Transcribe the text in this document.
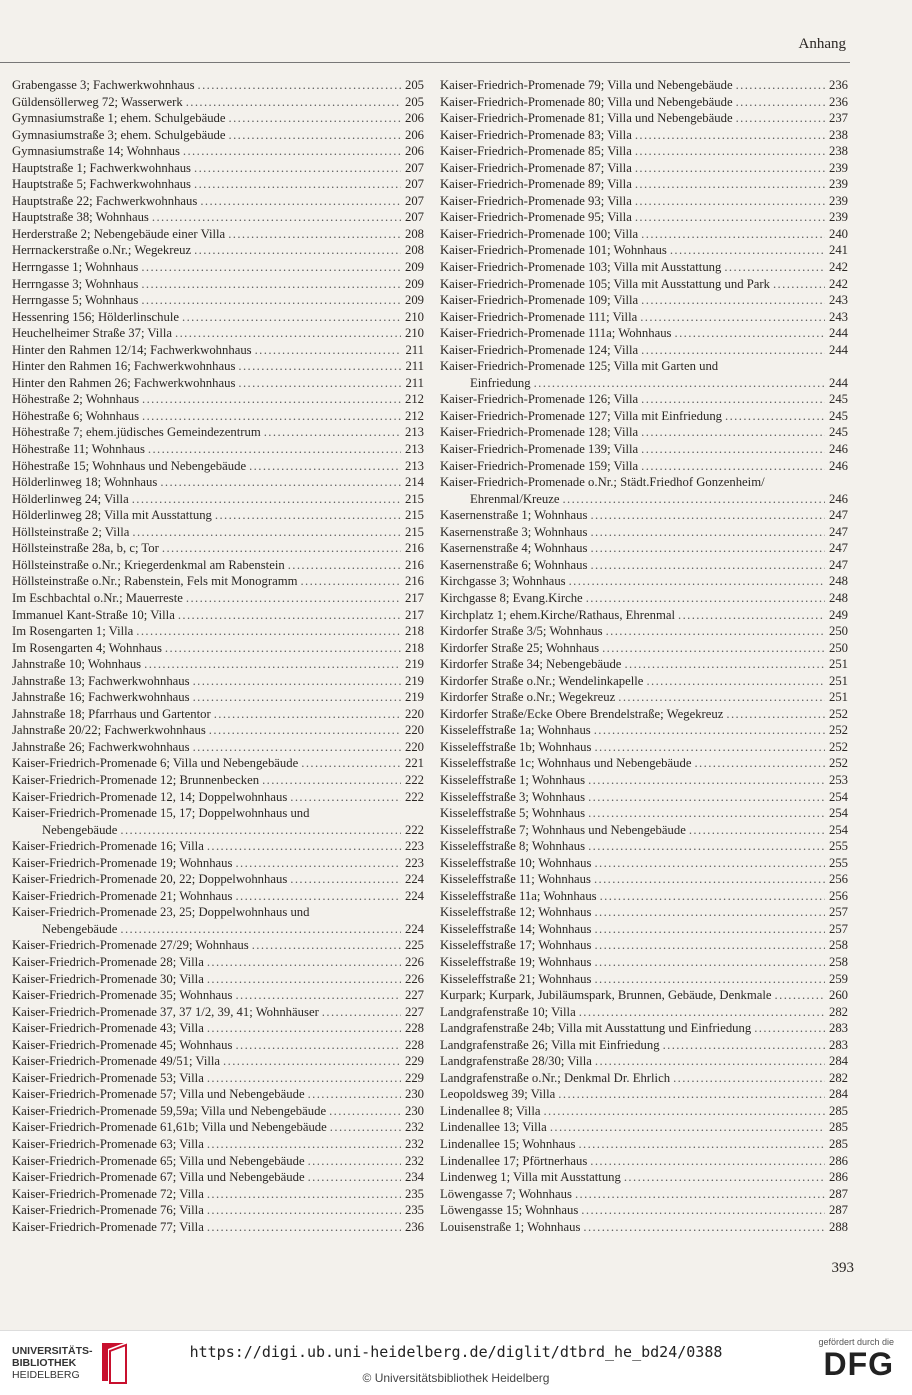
Anhang
Grabengasse 3; Fachwerkwohnhaus .....	205
Güldensöllerweg 72; Wasserwerk .....	205
Gymnasiumstraße 1; ehem. Schulgebäude .....	206
Gymnasiumstraße 3; ehem. Schulgebäude .....	206
Gymnasiumstraße 14; Wohnhaus .....	206
Hauptstraße 1; Fachwerkwohnhaus .....	207
Hauptstraße 5; Fachwerkwohnhaus .....	207
Hauptstraße 22; Fachwerkwohnhaus .....	207
Hauptstraße 38; Wohnhaus .....	207
Herderstraße 2; Nebengebäude einer Villa .....	208
Herrnackerstraße o.Nr.; Wegekreuz .....	208
Herrngasse 1; Wohnhaus .....	209
Herrngasse 3; Wohnhaus .....	209
Herrngasse 5; Wohnhaus .....	209
Hessenring 156; Hölderlinschule .....	210
Heuchelheimer Straße 37; Villa .....	210
Hinter den Rahmen 12/14; Fachwerkwohnhaus .....	211
Hinter den Rahmen 16; Fachwerkwohnhaus .....	211
Hinter den Rahmen 26; Fachwerkwohnhaus .....	211
Höhestraße 2; Wohnhaus .....	212
Höhestraße 6; Wohnhaus .....	212
Höhestraße 7; ehem.jüdisches Gemeindezentrum .....	213
Höhestraße 11; Wohnhaus .....	213
Höhestraße 15; Wohnhaus und Nebengebäude .....	213
Hölderlinweg 18; Wohnhaus .....	214
Hölderlinweg 24; Villa .....	215
Hölderlinweg 28; Villa mit Ausstattung .....	215
Höllsteinstraße 2; Villa .....	215
Höllsteinstraße 28a, b, c; Tor .....	216
Höllsteinstraße o.Nr.; Kriegerdenkmal am Rabenstein .....	216
Höllsteinstraße o.Nr.; Rabenstein, Fels mit Monogramm .....	216
Im Eschbachtal o.Nr.; Mauerreste .....	217
Immanuel Kant-Straße 10; Villa .....	217
Im Rosengarten 1; Villa .....	218
Im Rosengarten 4; Wohnhaus .....	218
Jahnstraße 10; Wohnhaus .....	219
Jahnstraße 13; Fachwerkwohnhaus .....	219
Jahnstraße 16; Fachwerkwohnhaus .....	219
Jahnstraße 18; Pfarrhaus und Gartentor .....	220
Jahnstraße 20/22; Fachwerkwohnhaus .....	220
Jahnstraße 26; Fachwerkwohnhaus .....	220
Kaiser-Friedrich-Promenade 6; Villa und Nebengebäude .....	221
Kaiser-Friedrich-Promenade 12; Brunnenbecken .....	222
Kaiser-Friedrich-Promenade 12, 14; Doppelwohnhaus .....	222
Kaiser-Friedrich-Promenade 15, 17; Doppelwohnhaus und
Nebengebäude .....	222
Kaiser-Friedrich-Promenade 16; Villa .....	223
Kaiser-Friedrich-Promenade 19; Wohnhaus .....	223
Kaiser-Friedrich-Promenade 20, 22; Doppelwohnhaus .....	224
Kaiser-Friedrich-Promenade 21; Wohnhaus .....	224
Kaiser-Friedrich-Promenade 23, 25; Doppelwohnhaus und
Nebengebäude .....	224
Kaiser-Friedrich-Promenade 27/29; Wohnhaus .....	225
Kaiser-Friedrich-Promenade 28; Villa .....	226
Kaiser-Friedrich-Promenade 30; Villa .....	226
Kaiser-Friedrich-Promenade 35; Wohnhaus .....	227
Kaiser-Friedrich-Promenade 37, 37 1/2, 39, 41; Wohnhäuser .....	227
Kaiser-Friedrich-Promenade 43; Villa .....	228
Kaiser-Friedrich-Promenade 45; Wohnhaus .....	228
Kaiser-Friedrich-Promenade 49/51; Villa .....	229
Kaiser-Friedrich-Promenade 53; Villa .....	229
Kaiser-Friedrich-Promenade 57; Villa und Nebengebäude .....	230
Kaiser-Friedrich-Promenade 59,59a; Villa und Nebengebäude .....	230
Kaiser-Friedrich-Promenade 61,61b; Villa und Nebengebäude .....	232
Kaiser-Friedrich-Promenade 63; Villa .....	232
Kaiser-Friedrich-Promenade 65; Villa und Nebengebäude .....	232
Kaiser-Friedrich-Promenade 67; Villa und Nebengebäude .....	234
Kaiser-Friedrich-Promenade 72; Villa .....	235
Kaiser-Friedrich-Promenade 76; Villa .....	235
Kaiser-Friedrich-Promenade 77; Villa .....	236
Kaiser-Friedrich-Promenade 79; Villa und Nebengebäude .....	236
Kaiser-Friedrich-Promenade 80; Villa und Nebengebäude .....	236
Kaiser-Friedrich-Promenade 81; Villa und Nebengebäude .....	237
Kaiser-Friedrich-Promenade 83; Villa .....	238
Kaiser-Friedrich-Promenade 85; Villa .....	238
Kaiser-Friedrich-Promenade 87; Villa .....	239
Kaiser-Friedrich-Promenade 89; Villa .....	239
Kaiser-Friedrich-Promenade 93; Villa .....	239
Kaiser-Friedrich-Promenade 95; Villa .....	239
Kaiser-Friedrich-Promenade 100; Villa .....	240
Kaiser-Friedrich-Promenade 101; Wohnhaus .....	241
Kaiser-Friedrich-Promenade 103; Villa mit Ausstattung .....	242
Kaiser-Friedrich-Promenade 105; Villa mit Ausstattung und Park .....	242
Kaiser-Friedrich-Promenade 109; Villa .....	243
Kaiser-Friedrich-Promenade 111; Villa .....	243
Kaiser-Friedrich-Promenade 111a; Wohnhaus .....	244
Kaiser-Friedrich-Promenade 124; Villa .....	244
Kaiser-Friedrich-Promenade 125; Villa mit Garten und
Einfriedung .....	244
Kaiser-Friedrich-Promenade 126; Villa .....	245
Kaiser-Friedrich-Promenade 127; Villa mit Einfriedung .....	245
Kaiser-Friedrich-Promenade 128; Villa .....	245
Kaiser-Friedrich-Promenade 139; Villa .....	246
Kaiser-Friedrich-Promenade 159; Villa .....	246
Kaiser-Friedrich-Promenade o.Nr.; Städt.Friedhof Gonzenheim/
Ehrenmal/Kreuze .....	246
Kasernenstraße 1; Wohnhaus .....	247
Kasernenstraße 3; Wohnhaus .....	247
Kasernenstraße 4; Wohnhaus .....	247
Kasernenstraße 6; Wohnhaus .....	247
Kirchgasse 3; Wohnhaus .....	248
Kirchgasse 8; Evang.Kirche .....	248
Kirchplatz 1; ehem.Kirche/Rathaus, Ehrenmal .....	249
Kirdorfer Straße 3/5; Wohnhaus .....	250
Kirdorfer Straße 25; Wohnhaus .....	250
Kirdorfer Straße 34; Nebengebäude .....	251
Kirdorfer Straße o.Nr.; Wendelinkapelle .....	251
Kirdorfer Straße o.Nr.; Wegekreuz .....	251
Kirdorfer Straße/Ecke Obere Brendelstraße; Wegekreuz .....	252
Kisseleffstraße 1a; Wohnhaus .....	252
Kisseleffstraße 1b; Wohnhaus .....	252
Kisseleffstraße 1c; Wohnhaus und Nebengebäude .....	252
Kisseleffstraße 1; Wohnhaus .....	253
Kisseleffstraße 3; Wohnhaus .....	254
Kisseleffstraße 5; Wohnhaus .....	254
Kisseleffstraße 7; Wohnhaus und Nebengebäude .....	254
Kisseleffstraße 8; Wohnhaus .....	255
Kisseleffstraße 10; Wohnhaus .....	255
Kisseleffstraße 11; Wohnhaus .....	256
Kisseleffstraße 11a; Wohnhaus .....	256
Kisseleffstraße 12; Wohnhaus .....	257
Kisseleffstraße 14; Wohnhaus .....	257
Kisseleffstraße 17; Wohnhaus .....	258
Kisseleffstraße 19; Wohnhaus .....	258
Kisseleffstraße 21; Wohnhaus .....	259
Kurpark; Kurpark, Jubiläumspark, Brunnen, Gebäude, Denkmale .....	260
Landgrafenstraße 10; Villa .....	282
Landgrafenstraße 24b; Villa mit Ausstattung und Einfriedung .....	283
Landgrafenstraße 26; Villa mit Einfriedung .....	283
Landgrafenstraße 28/30; Villa .....	284
Landgrafenstraße o.Nr.; Denkmal Dr. Ehrlich .....	282
Leopoldsweg 39; Villa .....	284
Lindenallee 8; Villa .....	285
Lindenallee 13; Villa .....	285
Lindenallee 15; Wohnhaus .....	285
Lindenallee 17; Pförtnerhaus .....	286
Lindenweg 1; Villa mit Ausstattung .....	286
Löwengasse 7; Wohnhaus .....	287
Löwengasse 15; Wohnhaus .....	287
Louisenstraße 1; Wohnhaus .....	288
393
UNIVERSITÄTS-
BIBLIOTHEK
HEIDELBERG
https://digi.ub.uni-heidelberg.de/diglit/dtbrd_he_bd24/0388
© Universitätsbibliothek Heidelberg
gefördert durch die
DFG
